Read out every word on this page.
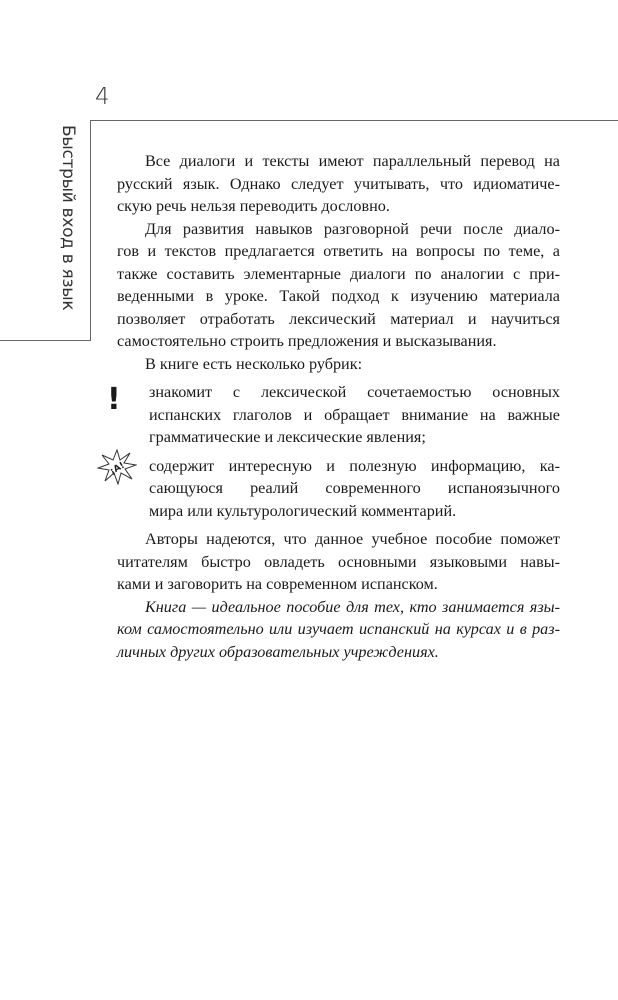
4
Быстрый вход в язык	Все диалоги и тексты имеют параллельный перевод на
русский язык. Однако следует учитывать, что идиоматиче-
скую речь нельзя переводить дословно.
Для развития навыков разговорной речи после диало-
гов и текстов предлагается ответить на вопросы по теме, а
также составить элементарные диалоги по аналогии с при-
веденными в уроке. Такой подход к изучению материала
позволяет отработать лексический материал и научиться
самостоятельно строить предложения и высказывания.
В книге есть несколько рубрик:
! знакомит с лексической сочетаемостью основных
испанских глаголов и обращает внимание на важные
грамматические и лексические явления;
¡A! содержит интересную и полезную информацию, ка-
сающуюся реалий современного испаноязычного
мира или культурологический комментарий.
Авторы надеются, что данное учебное пособие поможет
читателям быстро овладеть основными языковыми навы-
ками и заговорить на современном испанском.
Книга — идеальное пособие для тех, кто занимается язы-
ком самостоятельно или изучает испанский на курсах и в раз-
личных других образовательных учреждениях.
